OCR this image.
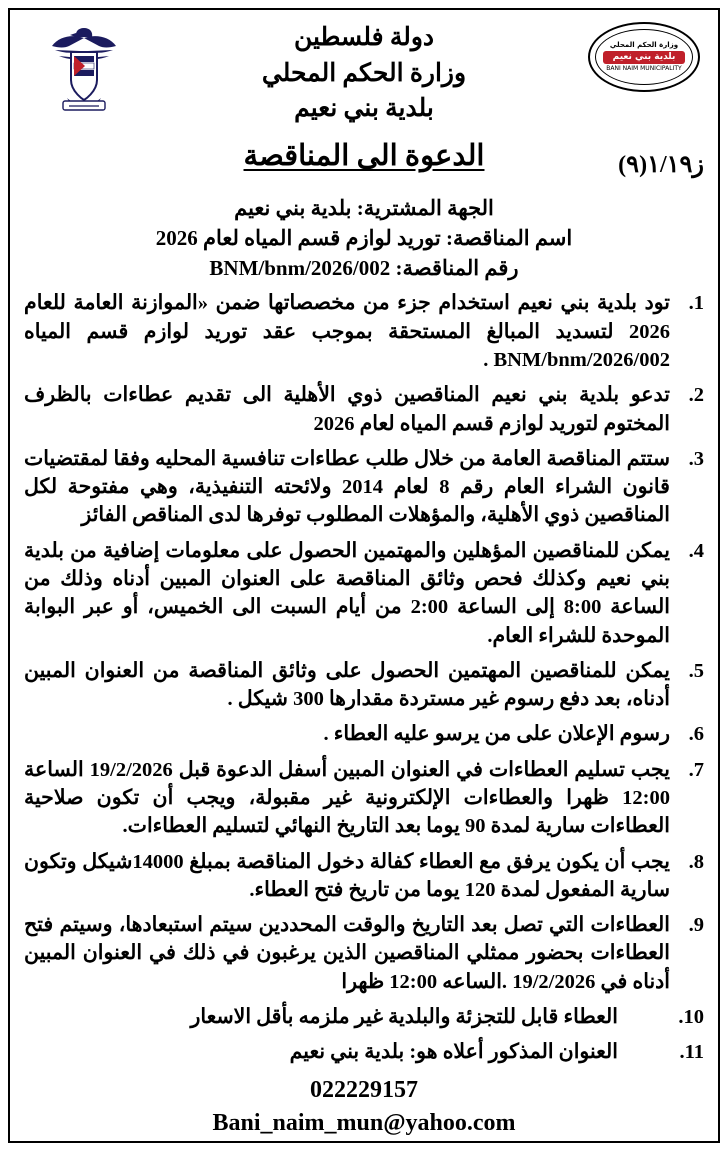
وزارة الحكم المحلي
بلدية بني نعيم
BANI NAIM MUNICIPALITY
دولة فلسطين
وزارة الحكم المحلي
بلدية بني نعيم
ز١/١٩(٩)
الدعوة الى المناقصة
الجهة المشترية: بلدية بني نعيم
اسم المناقصة: توريد لوازم قسم المياه لعام 2026
رقم المناقصة: BNM/bnm/2026/002
1.
تود بلدية بني نعيم استخدام جزء من مخصصاتها ضمن «الموازنة العامة للعام 2026 لتسديد المبالغ المستحقة بموجب عقد توريد لوازم قسم المياه BNM/bnm/2026/002 .
2.
تدعو بلدية بني نعيم المناقصين ذوي الأهلية الى تقديم عطاءات بالظرف المختوم لتوريد لوازم قسم المياه لعام 2026
3.
ستتم المناقصة العامة من خلال طلب عطاءات تنافسية المحليه وفقا لمقتضيات قانون الشراء العام رقم 8 لعام 2014 ولائحته التنفيذية، وهي مفتوحة لكل المناقصين ذوي الأهلية، والمؤهلات المطلوب توفرها لدى المناقص الفائز
4.
يمكن للمناقصين المؤهلين والمهتمين الحصول على معلومات إضافية من بلدية بني نعيم وكذلك فحص وثائق المناقصة على العنوان المبين أدناه وذلك من الساعة 8:00 إلى الساعة 2:00 من أيام السبت الى الخميس، أو عبر البوابة الموحدة للشراء العام.
5.
يمكن للمناقصين المهتمين الحصول على وثائق المناقصة من العنوان المبين أدناه، بعد دفع رسوم غير مستردة مقدارها 300 شيكل .
6.
رسوم الإعلان على من يرسو عليه العطاء .
7.
يجب تسليم العطاءات في العنوان المبين أسفل الدعوة قبل 19/2/2026 الساعة 12:00 ظهرا والعطاءات الإلكترونية غير مقبولة، ويجب أن تكون صلاحية العطاءات سارية لمدة 90 يوما بعد التاريخ النهائي لتسليم العطاءات.
8.
يجب أن يكون يرفق مع العطاء كفالة دخول المناقصة بمبلغ 14000شيكل وتكون سارية المفعول لمدة 120 يوما من تاريخ فتح العطاء.
9.
العطاءات التي تصل بعد التاريخ والوقت المحددين سيتم استبعادها، وسيتم فتح العطاءات بحضور ممثلي المناقصين الذين يرغبون في ذلك في العنوان المبين أدناه في 19/2/2026 .الساعه 12:00 ظهرا
10.
العطاء قابل للتجزئة والبلدية غير ملزمه بأقل الاسعار
11.
العنوان المذكور أعلاه هو: بلدية بني نعيم
022229157
Bani_naim_mun@yahoo.com
